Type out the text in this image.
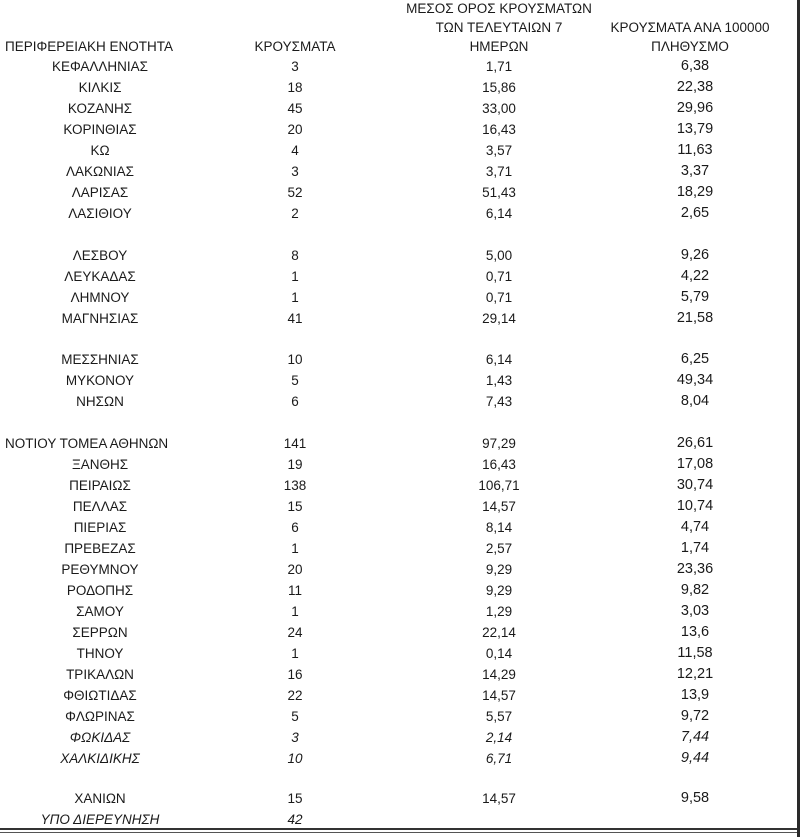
ΠΕΡΙΦΕΡΕΙΑΚΗ ΕΝΟΤΗΤΑ	ΚΡΟΥΣΜΑΤΑ
ΜΕΣΟΣ ΟΡΟΣ ΚΡΟΥΣΜΑΤΩΝ
ΤΩΝ ΤΕΛΕΥΤΑΙΩΝ 7
ΗΜΕΡΩΝ
ΚΡΟΥΣΜΑΤΑ ΑΝΑ 100000
ΠΛΗΘΥΣΜΟ
ΚΕΦΑΛΛΗΝΙΑΣ	3	1,71	6,38
ΚΙΛΚΙΣ	18	15,86	22,38
ΚΟΖΑΝΗΣ	45	33,00	29,96
ΚΟΡΙΝΘΙΑΣ	20	16,43	13,79
ΚΩ	4	3,57	11,63
ΛΑΚΩΝΙΑΣ	3	3,71	3,37
ΛΑΡΙΣΑΣ	52	51,43	18,29
ΛΑΣΙΘΙΟΥ	2	6,14	2,65
ΛΕΣΒΟΥ	8	5,00	9,26
ΛΕΥΚΑΔΑΣ	1	0,71	4,22
ΛΗΜΝΟΥ	1	0,71	5,79
ΜΑΓΝΗΣΙΑΣ	41	29,14	21,58
ΜΕΣΣΗΝΙΑΣ	10	6,14	6,25
ΜΥΚΟΝΟΥ	5	1,43	49,34
ΝΗΣΩΝ	6	7,43	8,04
ΝΟΤΙΟΥ ΤΟΜΕΑ ΑΘΗΝΩΝ	141	97,29	26,61
ΞΑΝΘΗΣ	19	16,43	17,08
ΠΕΙΡΑΙΩΣ	138	106,71	30,74
ΠΕΛΛΑΣ	15	14,57	10,74
ΠΙΕΡΙΑΣ	6	8,14	4,74
ΠΡΕΒΕΖΑΣ	1	2,57	1,74
ΡΕΘΥΜΝΟΥ	20	9,29	23,36
ΡΟΔΟΠΗΣ	11	9,29	9,82
ΣΑΜΟΥ	1	1,29	3,03
ΣΕΡΡΩΝ	24	22,14	13,6
ΤΗΝΟΥ	1	0,14	11,58
ΤΡΙΚΑΛΩΝ	16	14,29	12,21
ΦΘΙΩΤΙΔΑΣ	22	14,57	13,9
ΦΛΩΡΙΝΑΣ	5	5,57	9,72
ΦΩΚΙΔΑΣ	3	2,14	7,44
ΧΑΛΚΙΔΙΚΗΣ	10	6,71	9,44
ΧΑΝΙΩΝ	15	14,57	9,58
ΥΠΟ ΔΙΕΡΕΥΝΗΣΗ	42
